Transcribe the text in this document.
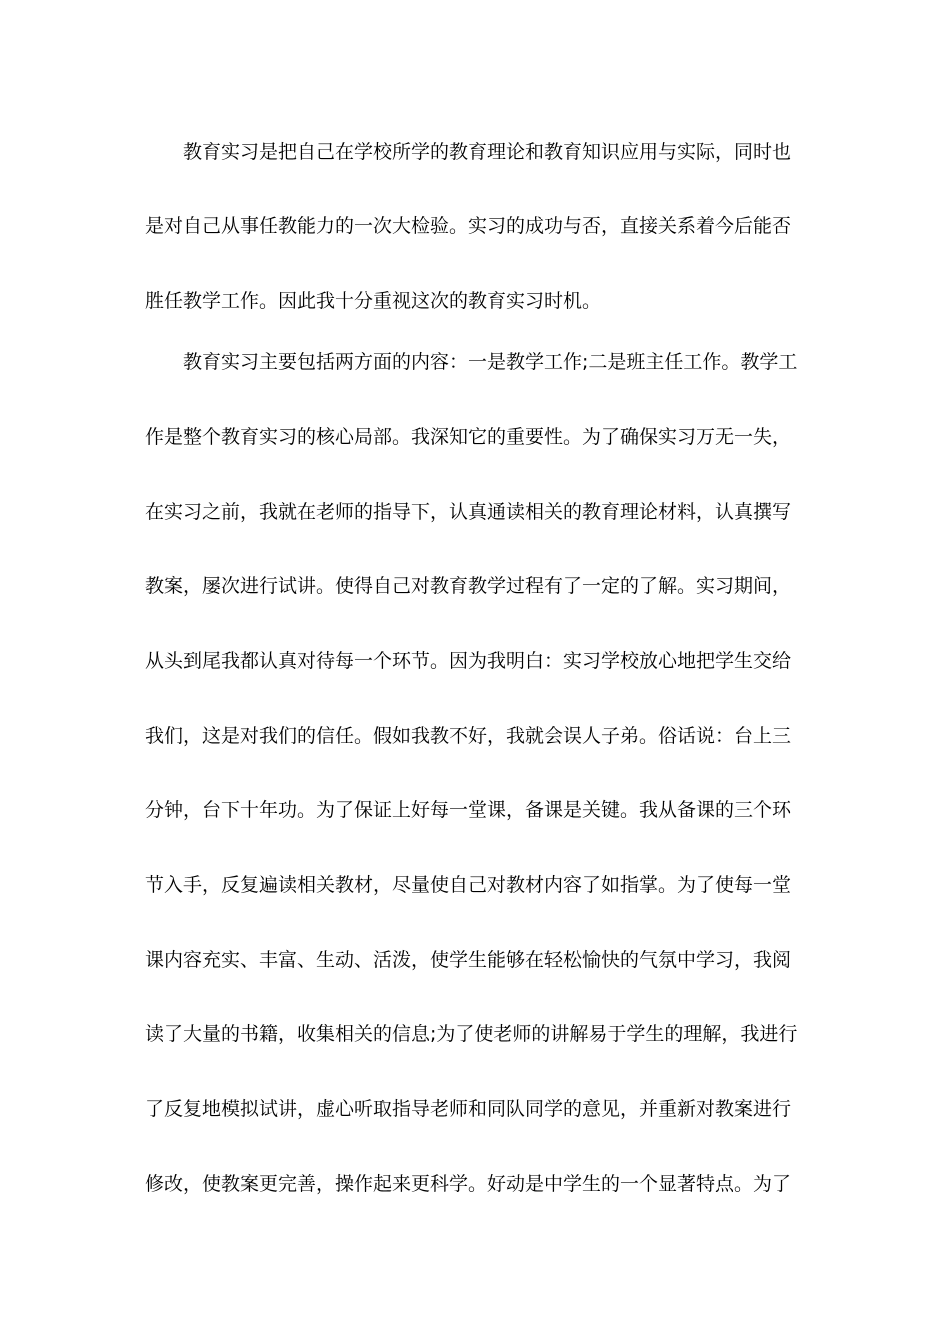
教育实习是把自己在学校所学的教育理论和教育知识应用与实际，同时也
是对自己从事任教能力的一次大检验。实习的成功与否，直接关系着今后能否
胜任教学工作。因此我十分重视这次的教育实习时机。
教育实习主要包括两方面的内容：一是教学工作;二是班主任工作。教学工
作是整个教育实习的核心局部。我深知它的重要性。为了确保实习万无一失，
在实习之前，我就在老师的指导下，认真通读相关的教育理论材料，认真撰写
教案，屡次进行试讲。使得自己对教育教学过程有了一定的了解。实习期间，
从头到尾我都认真对待每一个环节。因为我明白：实习学校放心地把学生交给
我们，这是对我们的信任。假如我教不好，我就会误人子弟。俗话说：台上三
分钟，台下十年功。为了保证上好每一堂课，备课是关键。我从备课的三个环
节入手，反复遍读相关教材，尽量使自己对教材内容了如指掌。为了使每一堂
课内容充实、丰富、生动、活泼，使学生能够在轻松愉快的气氛中学习，我阅
读了大量的书籍，收集相关的信息;为了使老师的讲解易于学生的理解，我进行
了反复地模拟试讲，虚心听取指导老师和同队同学的意见，并重新对教案进行
修改，使教案更完善，操作起来更科学。好动是中学生的一个显著特点。为了
